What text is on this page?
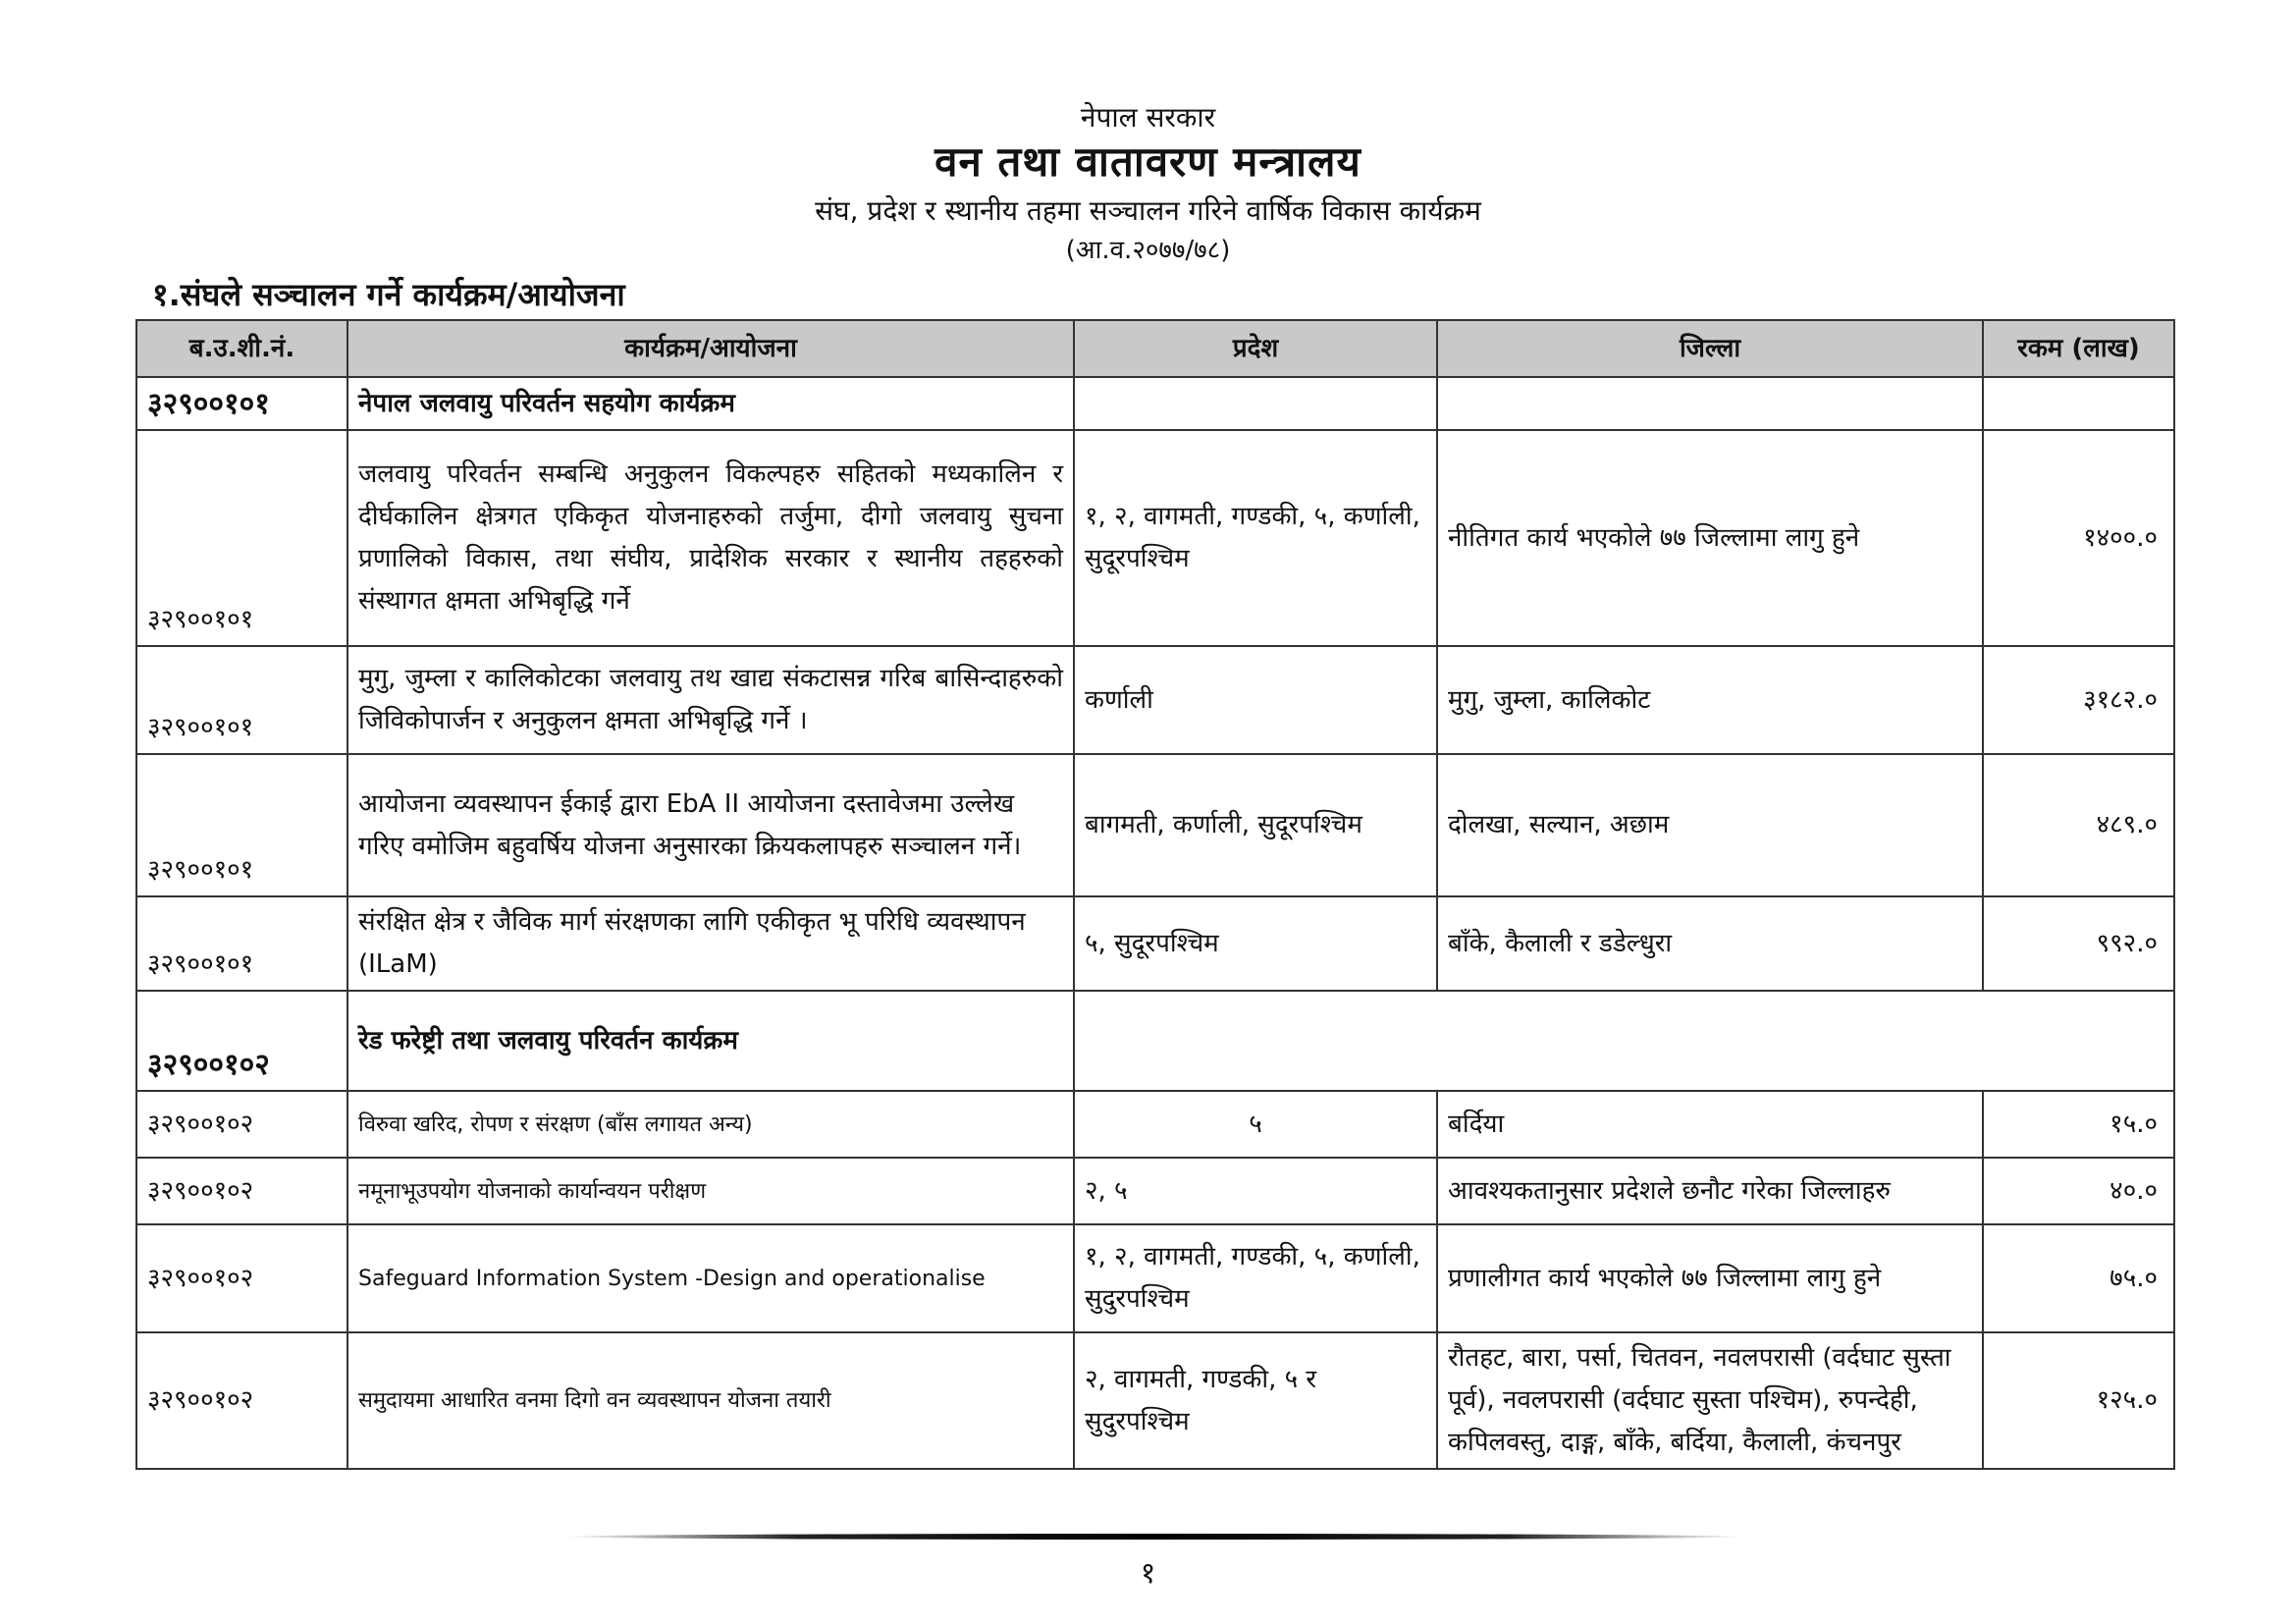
नेपाल सरकार
वन तथा वातावरण मन्त्रालय
संघ, प्रदेश र स्थानीय तहमा सञ्चालन गरिने वार्षिक विकास कार्यक्रम
(आ.व.२०७७/७८)
१.संघले सञ्चालन गर्ने कार्यक्रम/आयोजना
ब.उ.शी.नं.	कार्यक्रम/आयोजना	प्रदेश	जिल्ला	रकम (लाख)
३२९००१०१	नेपाल जलवायु परिवर्तन सहयोग कार्यक्रम			
३२९००१०१	जलवायु परिवर्तन सम्बन्धि अनुकुलन विकल्पहरु सहितको मध्यकालिन र दीर्घकालिन क्षेत्रगत एकिकृत योजनाहरुको तर्जुमा, दीगो जलवायु सुचना प्रणालिको विकास, तथा संघीय, प्रादेशिक सरकार र स्थानीय तहहरुको संस्थागत क्षमता अभिबृद्धि गर्ने	१, २, वागमती, गण्डकी, ५, कर्णाली, सुदूरपश्चिम	नीतिगत कार्य भएकोले ७७ जिल्लामा लागु हुने	१४००.०
३२९००१०१	मुगु, जुम्ला र कालिकोटका जलवायु तथ खाद्य संकटासन्न गरिब बासिन्दाहरुको जिविकोपार्जन र अनुकुलन क्षमता अभिबृद्धि गर्ने ।	कर्णाली	मुगु, जुम्ला, कालिकोट	३१८२.०
३२९००१०१	आयोजना व्यवस्थापन ईकाई द्वारा EbA II आयोजना दस्तावेजमा उल्लेख गरिए वमोजिम बहुवर्षिय योजना अनुसारका क्रियकलापहरु सञ्चालन गर्ने।	बागमती, कर्णाली, सुदूरपश्चिम	दोलखा, सल्यान, अछाम	४८९.०
३२९००१०१	संरक्षित क्षेत्र र जैविक मार्ग संरक्षणका लागि एकीकृत भू परिधि व्यवस्थापन (ILaM)	५, सुदूरपश्चिम	बाँके, कैलाली र डडेल्धुरा	९९२.०
३२९००१०२	रेड फरेष्ट्री तथा जलवायु परिवर्तन कार्यक्रम			
३२९००१०२	विरुवा खरिद, रोपण र संरक्षण (बाँस लगायत अन्य)	५	बर्दिया	१५.०
३२९००१०२	नमूनाभूउपयोग योजनाको कार्यान्वयन परीक्षण	२, ५	आवश्यकतानुसार प्रदेशले छनौट गरेका जिल्लाहरु	४०.०
३२९००१०२	Safeguard Information System -Design and operationalise	१, २, वागमती, गण्डकी, ५, कर्णाली, सुदुरपश्चिम	प्रणालीगत कार्य भएकोले ७७ जिल्लामा लागु हुने	७५.०
३२९००१०२	समुदायमा आधारित वनमा दिगो वन व्यवस्थापन योजना तयारी	२, वागमती, गण्डकी, ५ र सुदुरपश्चिम	रौतहट, बारा, पर्सा, चितवन, नवलपरासी (वर्दघाट सुस्ता पूर्व), नवलपरासी (वर्दघाट सुस्ता पश्चिम), रुपन्देही, कपिलवस्तु, दाङ्ग, बाँके, बर्दिया, कैलाली, कंचनपुर	१२५.०
१
